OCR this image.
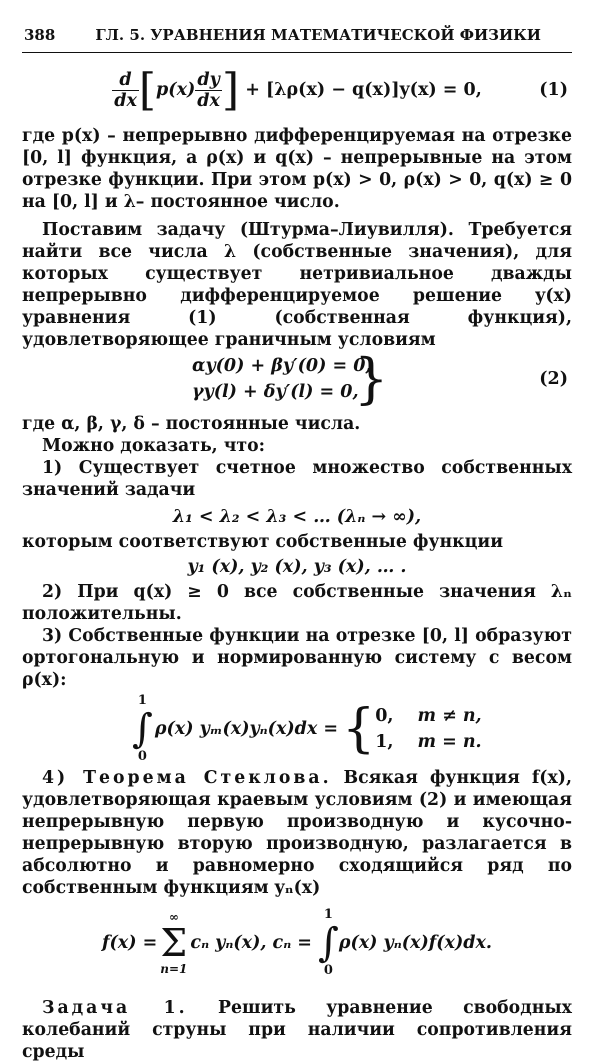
388	ГЛ. 5. УРАВНЕНИЯ МАТЕМАТИЧЕСКОЙ ФИЗИКИ
$\frac{d}{dx} [p(x) \frac{dy}{dx}$ ] + [λρ(x) − q(x)]y(x) = 0,	(1)

где p(x) – непрерывно дифференцируемая на отрезке [0, l] функция, а ρ(x) и q(x) – непрерывные на этом отрезке функции. При этом p(x) > 0, ρ(x) > 0, q(x) ≥ 0 на [0, l] и λ– постоянное число.

Поставим задачу (Штурма–Лиувилля). Требуется найти все числа λ (собственные значения), для которых существует нетривиальное дважды непрерывно дифференцируемое решение y(x) уравнения (1) (собственная функция), удовлетворяющее граничным условиям

αy(0) + βy′(0) = 0,
γy(l) + δy′(l) = 0,
}	(2)

где α, β, γ, δ – постоянные числа.

Можно доказать, что:

1) Существует счетное множество собственных значений задачи

λ₁ < λ₂ < λ₃ < … (λₙ → ∞),

которым соответствуют собственные функции

y₁ (x), y₂ (x), y₃ (x), … .

2) При q(x) ≥ 0 все собственные значения λₙ положительны.

3) Собственные функции на отрезке [0, l] образуют ортогональную и нормированную систему с весом ρ(x):

1
∫
0
ρ(x) yₘ(x)yₙ(x)dx = { 0, m ≠ n,
1, m = n.

4) Теорема Стеклова. Всякая функция f(x), удовлетворяющая краевым условиям (2) и имеющая непрерывную первую производную и кусочно-непрерывную вторую производную, разлагается в абсолютно и равномерно сходящийся ряд по собственным функциям yₙ(x)

f(x) =
∞
Σ
n=1
cₙ yₙ(x), cₙ =
1
∫
0
ρ(x) yₙ(x)f(x)dx.

Задача 1. Решить уравнение свободных колебаний струны при наличии сопротивления среды
